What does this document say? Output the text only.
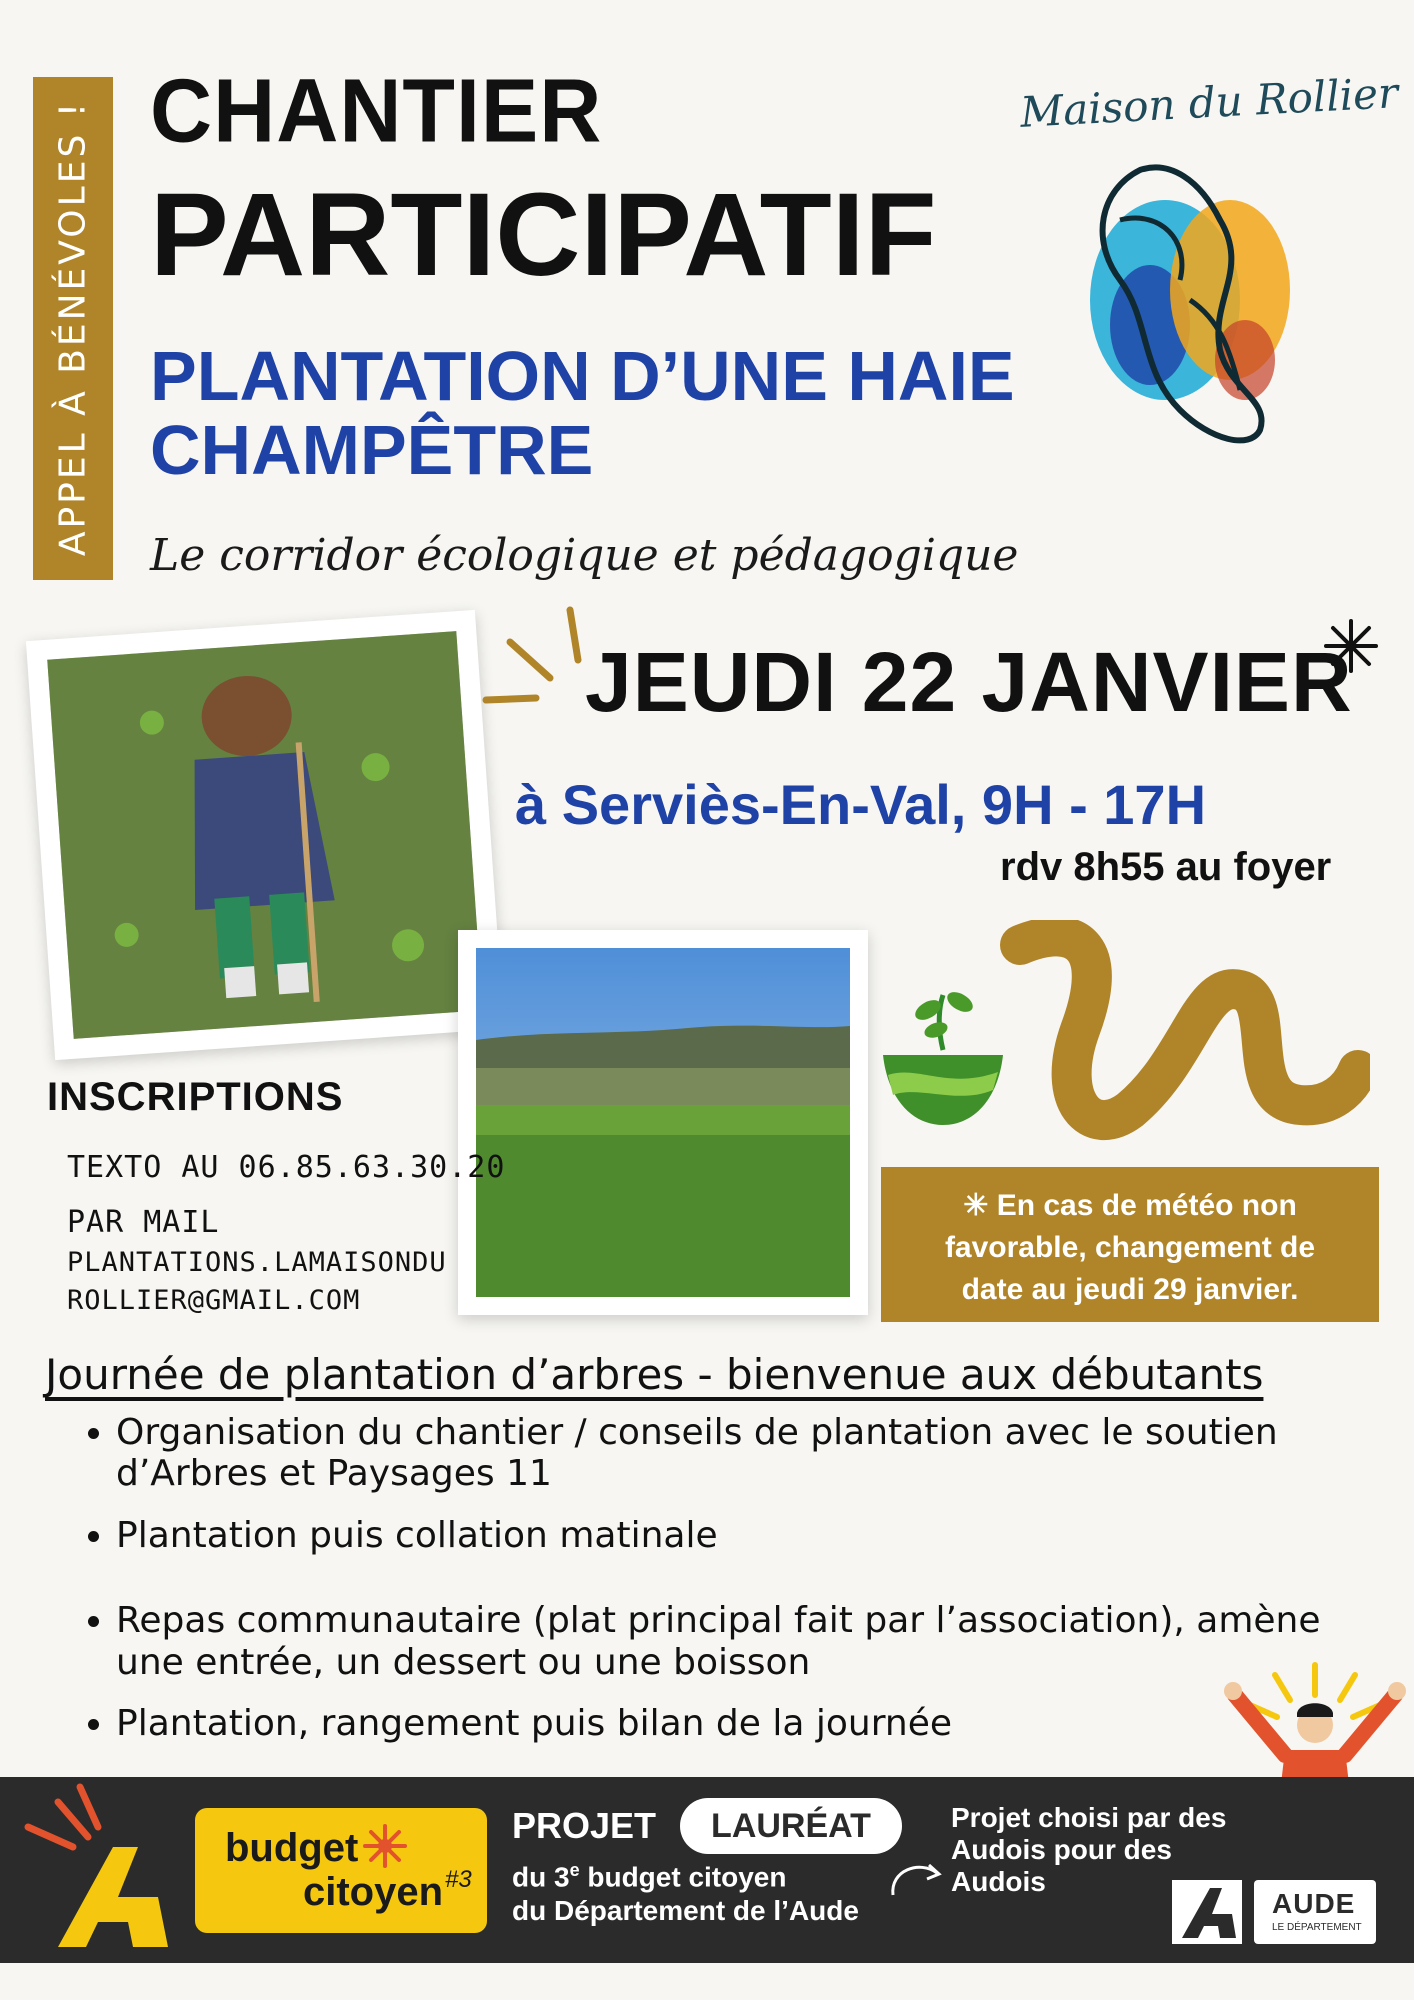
APPEL À BÉNÉVOLES ! CHANTIER
PARTICIPATIF
PLANTATION D’UNE HAIE
CHAMPÊTRE
Le corridor écologique et pédagogique
Maison du Rollier
JEUDI 22 JANVIER
à Serviès-En-Val, 9H - 17H
rdv 8h55 au foyer
INSCRIPTIONS
TEXTO AU 06.85.63.30.20
PAR MAIL
PLANTATIONS.LAMAISONDU
ROLLIER@GMAIL.COM
✳ En cas de météo non
favorable, changement de
date au jeudi 29 janvier.
Journée de plantation d’arbres - bienvenue aux débutants
• Organisation du chantier / conseils de plantation avec le soutien d’Arbres et Paysages 11
• Plantation puis collation matinale
• Repas communautaire (plat principal fait par l’association), amène une entrée, un dessert ou une boisson
• Plantation, rangement puis bilan de la journée
budget
citoyen #3
PROJET	LAURÉAT
du 3e budget citoyen
du Département de l’Aude
Projet choisi par des Audois pour des Audois
AUDE
LE DÉPARTEMENT
